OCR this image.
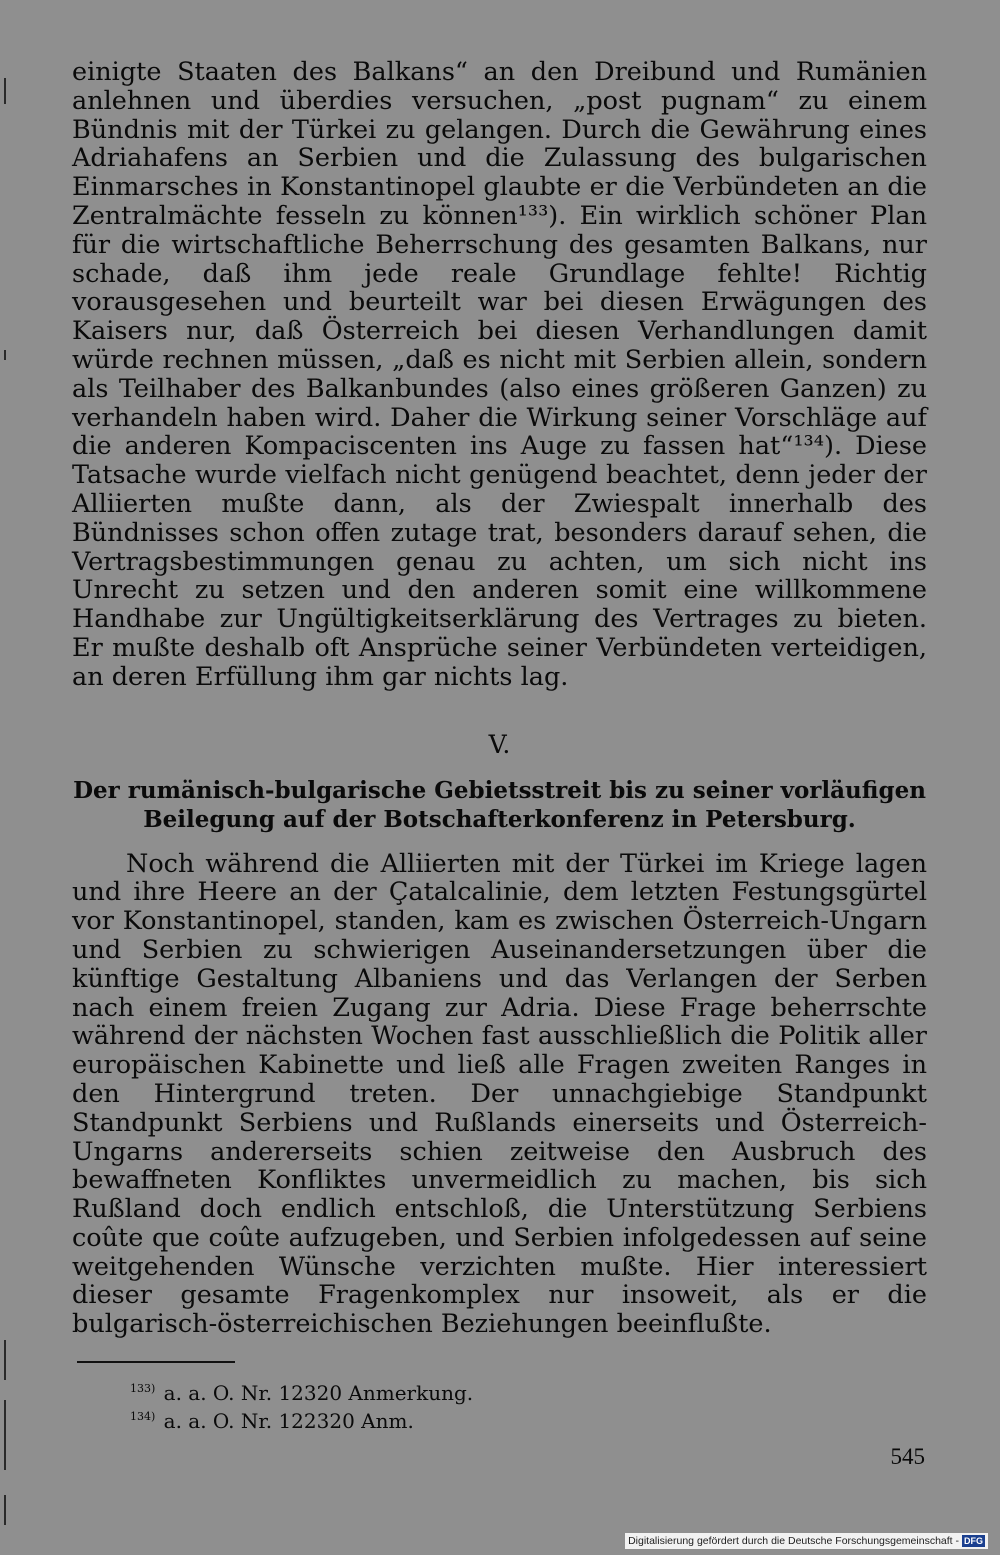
einigte Staaten des Balkans“ an den Dreibund und Rumänien anlehnen und überdies versuchen, „post pugnam“ zu einem Bündnis mit der Türkei zu gelangen. Durch die Gewährung eines Adriahafens an Serbien und die Zulassung des bulgarischen Einmarsches in Konstantinopel glaubte er die Verbündeten an die Zentralmächte fesseln zu können¹³³). Ein wirklich schöner Plan für die wirtschaftliche Beherrschung des gesamten Balkans, nur schade, daß ihm jede reale Grundlage fehlte! Richtig vorausgesehen und beurteilt war bei diesen Erwägungen des Kaisers nur, daß Österreich bei diesen Verhandlungen damit würde rechnen müssen, „daß es nicht mit Serbien allein, sondern als Teilhaber des Balkanbundes (also eines größeren Ganzen) zu verhandeln haben wird. Daher die Wirkung seiner Vorschläge auf die anderen Kompaciscenten ins Auge zu fassen hat“¹³⁴). Diese Tatsache wurde vielfach nicht genügend beachtet, denn jeder der Alliierten mußte dann, als der Zwiespalt innerhalb des Bündnisses schon offen zutage trat, besonders darauf sehen, die Vertragsbestimmungen genau zu achten, um sich nicht ins Unrecht zu setzen und den anderen somit eine willkommene Handhabe zur Ungültigkeitserklärung des Vertrages zu bieten. Er mußte deshalb oft Ansprüche seiner Verbündeten verteidigen, an deren Erfüllung ihm gar nichts lag.

V.
Der rumänisch-bulgarische Gebietsstreit bis zu seiner vorläufigen Beilegung auf der Botschafterkonferenz in Petersburg.

Noch während die Alliierten mit der Türkei im Kriege lagen und ihre Heere an der Çatalcalinie, dem letzten Festungsgürtel vor Konstantinopel, standen, kam es zwischen Österreich-Ungarn und Serbien zu schwierigen Auseinandersetzungen über die künftige Gestaltung Albaniens und das Verlangen der Serben nach einem freien Zugang zur Adria. Diese Frage beherrschte während der nächsten Wochen fast ausschließlich die Politik aller europäischen Kabinette und ließ alle Fragen zweiten Ranges in den Hintergrund treten. Der unnachgiebige Standpunkt Standpunkt Serbiens und Rußlands einerseits und Österreich-Ungarns andererseits schien zeitweise den Ausbruch des bewaffneten Konfliktes unvermeidlich zu machen, bis sich Rußland doch endlich entschloß, die Unterstützung Serbiens coûte que coûte aufzugeben, und Serbien infolgedessen auf seine weitgehenden Wünsche verzichten mußte. Hier interessiert dieser gesamte Fragenkomplex nur insoweit, als er die bulgarisch-österreichischen Beziehungen beeinflußte.

$^{133)}$ a. a. O. Nr. 12320 Anmerkung.
$^{134)}$ a. a. O. Nr. 122320 Anm.
545
Digitalisierung gefördert durch die Deutsche Forschungsgemeinschaft - DFG
